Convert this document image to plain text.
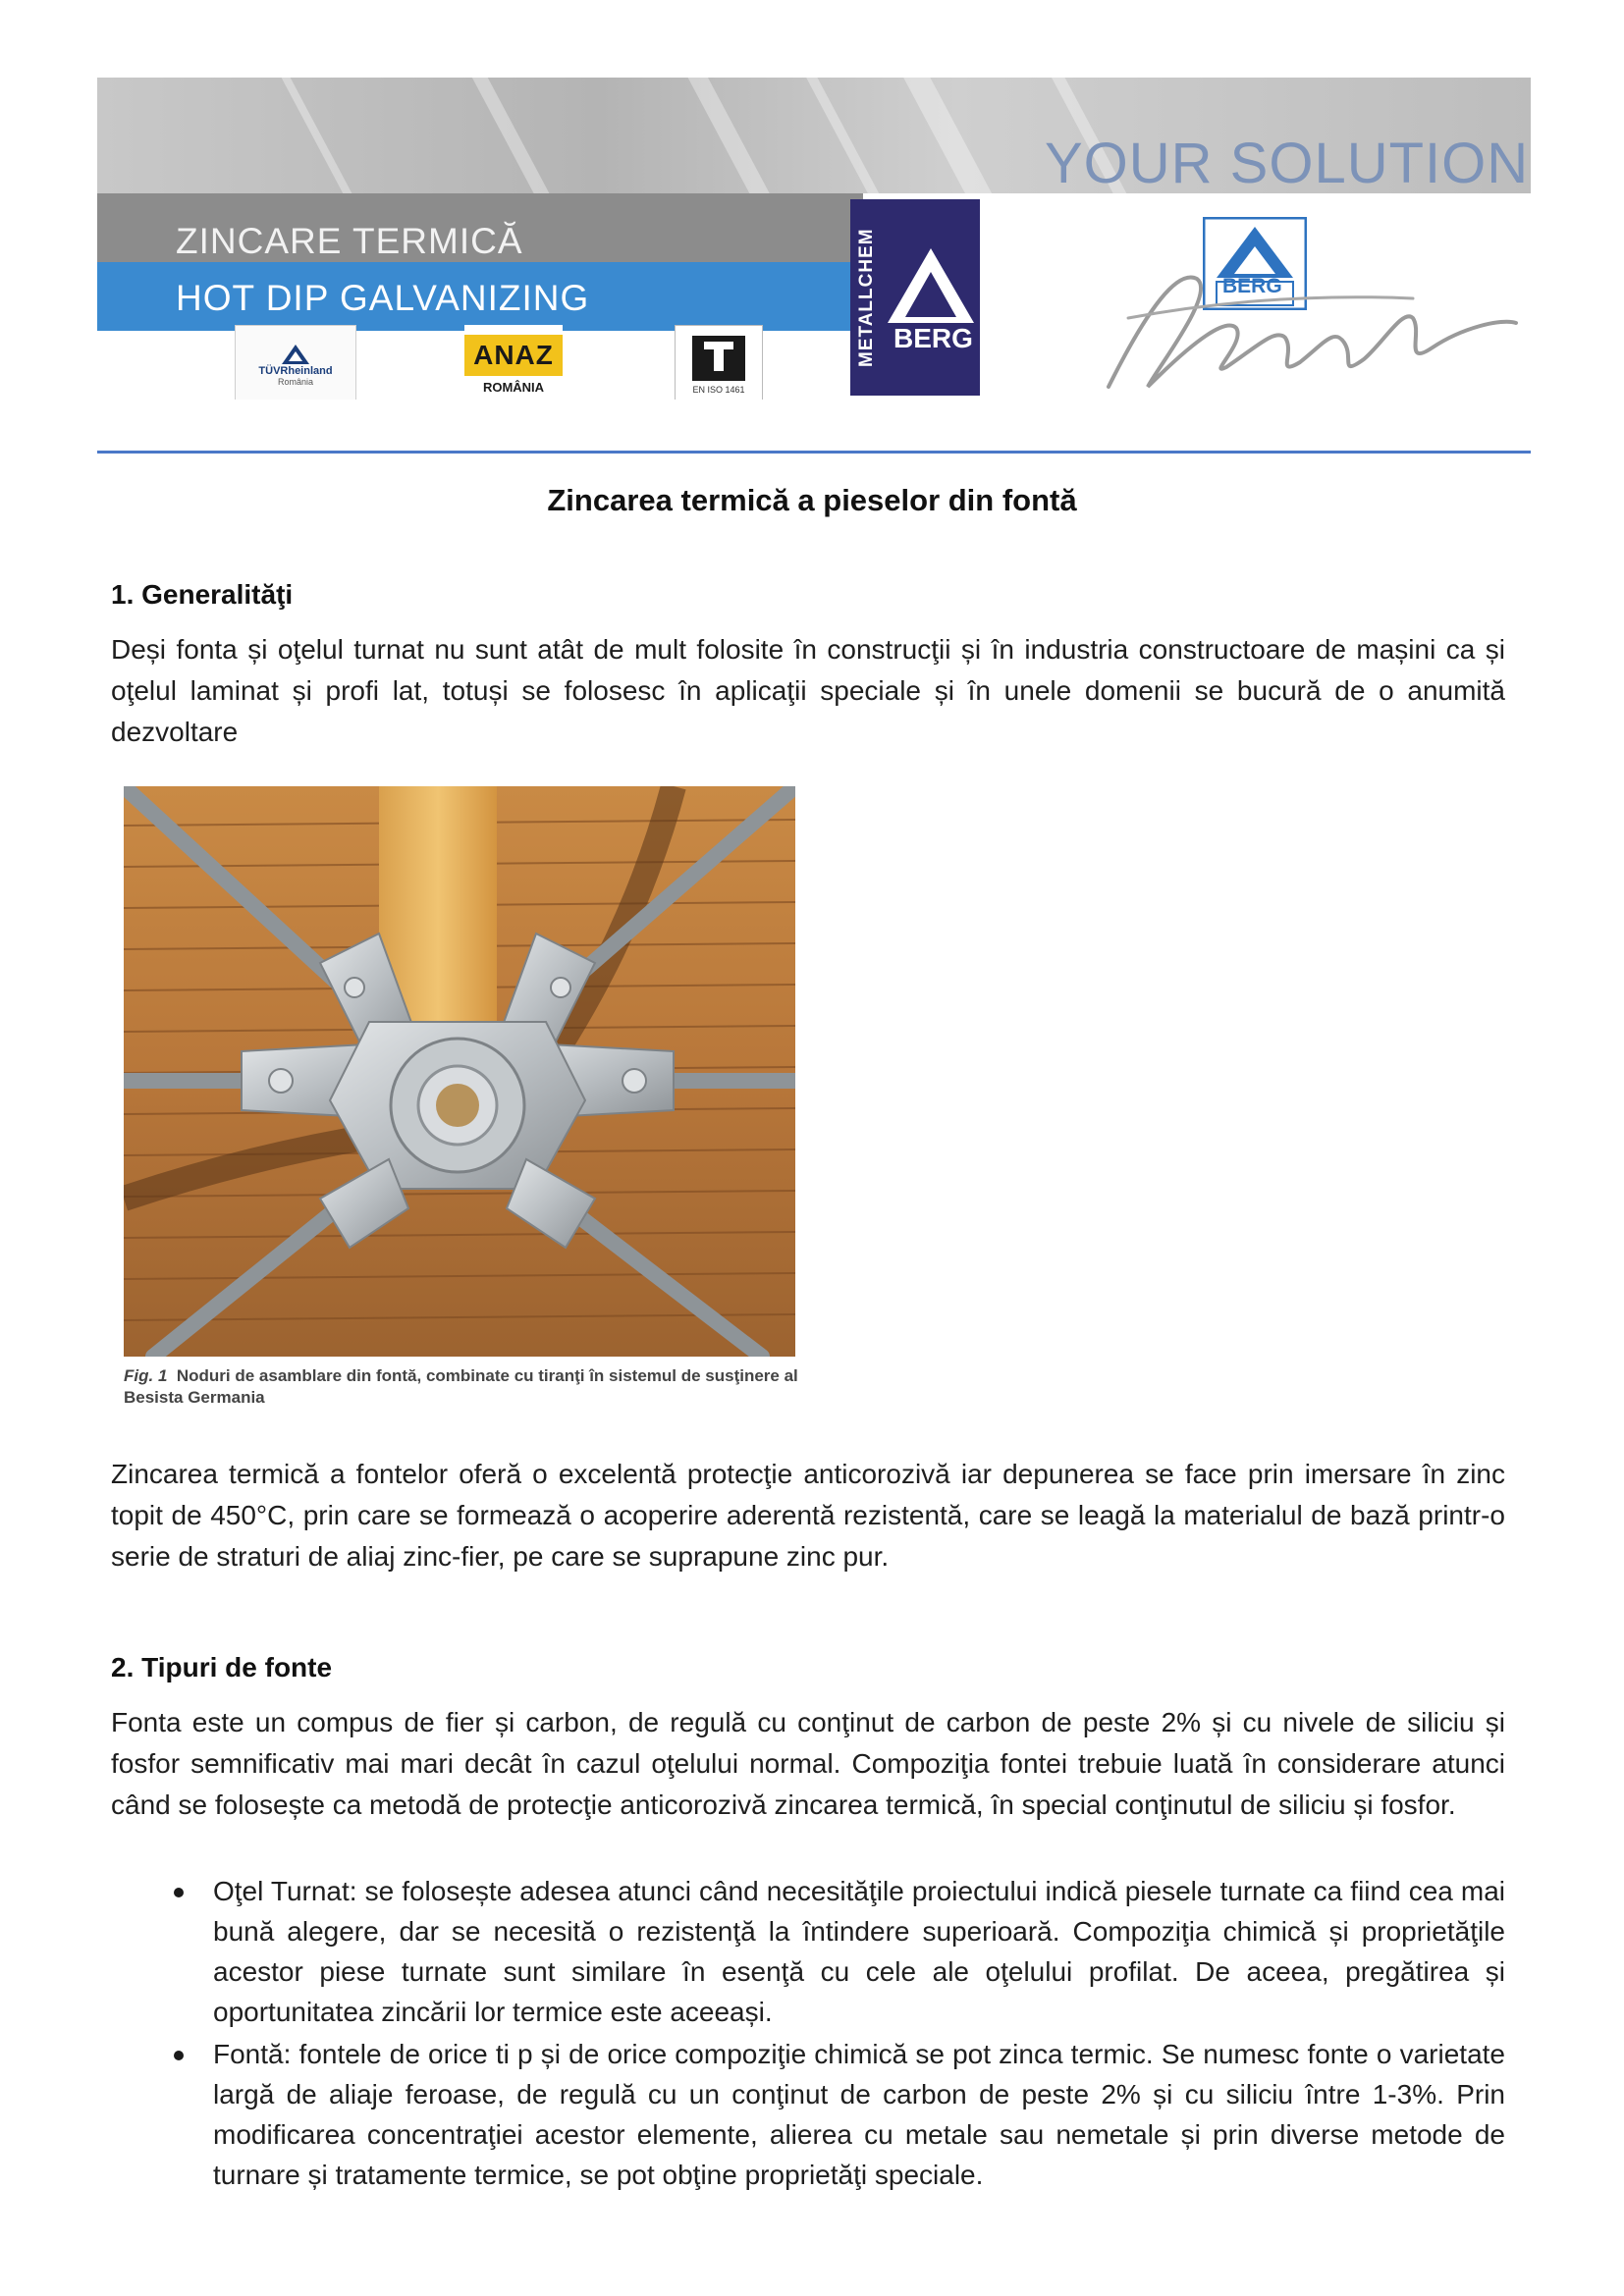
YOUR SOLUTION
ZINCARE TERMICĂ
HOT DIP GALVANIZING
TÜVRheinland
România
ANAZ
ROMÂNIA	EN ISO 1461
METALLCHEM BERG
BERG
Zincarea termică a pieselor din fontă
1. Generalităţi
Deși fonta și oţelul turnat nu sunt atât de mult folosite în construcţii și în industria constructoare de mașini ca și oţelul laminat și profi lat, totuși se folosesc în aplicaţii speciale și în unele domenii se bucură de o anumită dezvoltare
Fig. 1 Noduri de asamblare din fontă, combinate cu tiranţi în sistemul de susţinere al Besista Germania
Zincarea termică a fontelor oferă o excelentă protecţie anticorozivă iar depunerea se face prin imersare în zinc topit de 450°C, prin care se formează o acoperire aderentă rezistentă, care se leagă la materialul de bază printr-o serie de straturi de aliaj zinc-fier, pe care se suprapune zinc pur.
2. Tipuri de fonte
Fonta este un compus de fier și carbon, de regulă cu conţinut de carbon de peste 2% și cu nivele de siliciu și fosfor semnificativ mai mari decât în cazul oţelului normal. Compoziţia fontei trebuie luată în considerare atunci când se folosește ca metodă de protecţie anticorozivă zincarea termică, în special conţinutul de siliciu și fosfor.
Oţel Turnat: se folosește adesea atunci când necesităţile proiectului indică piesele turnate ca fiind cea mai bună alegere, dar se necesită o rezistenţă la întindere superioară. Compoziţia chimică și proprietăţile acestor piese turnate sunt similare în esenţă cu cele ale oţelului profilat. De aceea, pregătirea și oportunitatea zincării lor termice este aceeași.
Fontă: fontele de orice ti p și de orice compoziţie chimică se pot zinca termic. Se numesc fonte o varietate largă de aliaje feroase, de regulă cu un conţinut de carbon de peste 2% și cu siliciu între 1-3%. Prin modificarea concentraţiei acestor elemente, alierea cu metale sau nemetale și prin diverse metode de turnare și tratamente termice, se pot obţine proprietăţi speciale.
